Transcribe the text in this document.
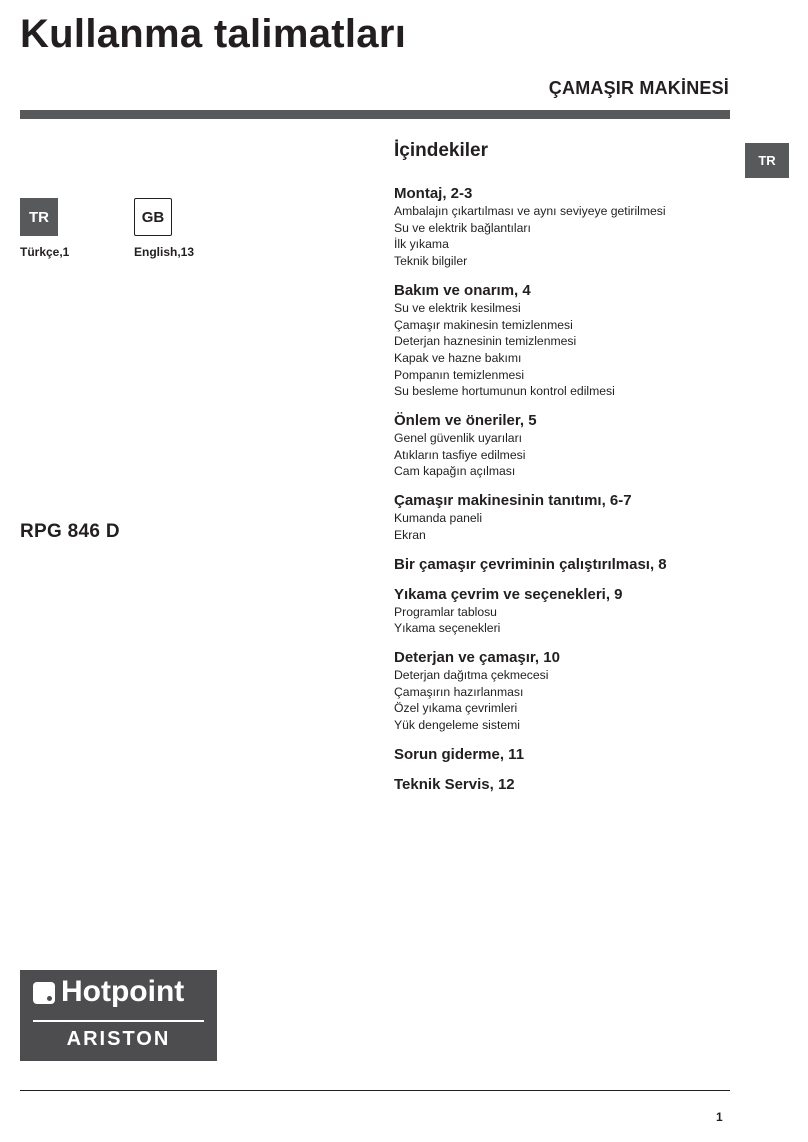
Kullanma talimatları
ÇAMAŞIR MAKİNESİ
TR
TR
Türkçe,1
GB
English,13
RPG 846 D
İçindekiler
Montaj, 2-3
Ambalajın çıkartılması ve aynı seviyeye getirilmesi
Su ve elektrik bağlantıları
İlk yıkama
Teknik bilgiler
Bakım ve onarım, 4
Su ve elektrik kesilmesi
Çamaşır makinesin temizlenmesi
Deterjan haznesinin temizlenmesi
Kapak ve hazne bakımı
Pompanın temizlenmesi
Su besleme hortumunun kontrol edilmesi
Önlem ve öneriler, 5
Genel güvenlik uyarıları
Atıkların tasfiye edilmesi
Cam kapağın açılması
Çamaşır makinesinin tanıtımı, 6-7
Kumanda paneli
Ekran
Bir çamaşır çevriminin çalıştırılması, 8
Yıkama çevrim ve seçenekleri, 9
Programlar tablosu
Yıkama seçenekleri
Deterjan ve çamaşır, 10
Deterjan dağıtma çekmecesi
Çamaşırın hazırlanması
Özel yıkama çevrimleri
Yük dengeleme sistemi
Sorun giderme, 11
Teknik Servis, 12
Hotpoint
ARISTON
1
